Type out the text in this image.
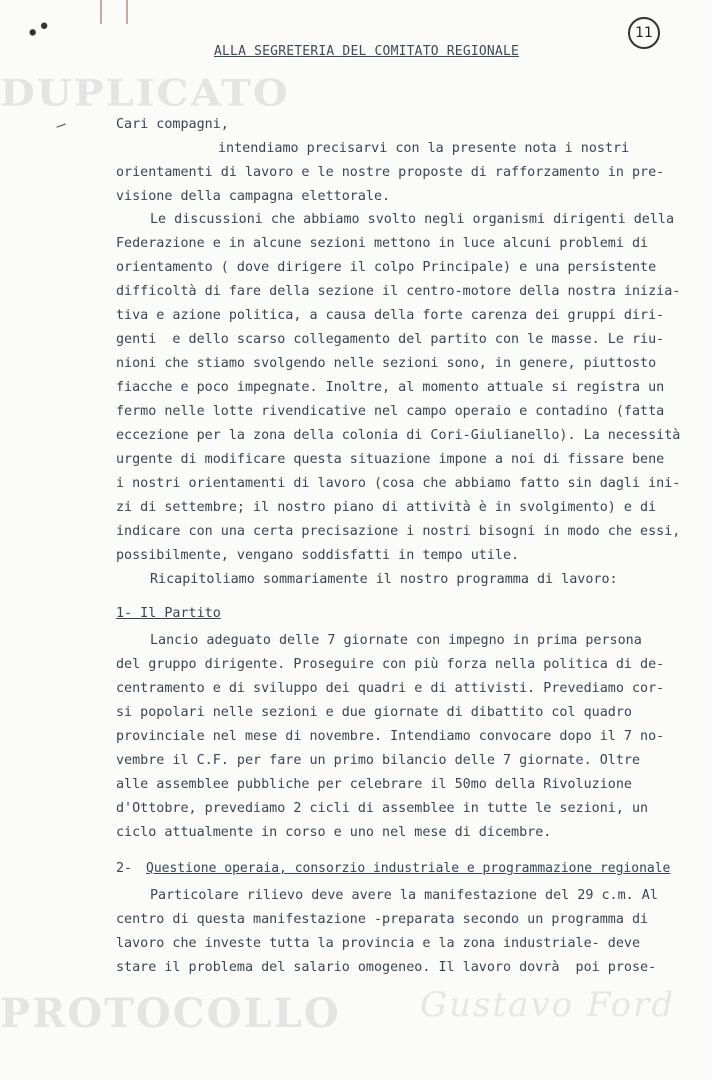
DUPLICATO
PROTOCOLLO Gustavo Ford
••
–
11
ALLA SEGRETERIA DEL COMITATO REGIONALE
Cari compagni,
intendiamo precisarvi con la presente nota i nostri
orientamenti di lavoro e le nostre proposte di rafforzamento in pre-
visione della campagna elettorale.
Le discussioni che abbiamo svolto negli organismi dirigenti della
Federazione e in alcune sezioni mettono in luce alcuni problemi di
orientamento ( dove dirigere il colpo Principale) e una persistente
difficoltà di fare della sezione il centro-motore della nostra inizia-
tiva e azione politica, a causa della forte carenza dei gruppi diri-
genti  e dello scarso collegamento del partito con le masse. Le riu-
nioni che stiamo svolgendo nelle sezioni sono, in genere, piuttosto
fiacche e poco impegnate. Inoltre, al momento attuale si registra un
fermo nelle lotte rivendicative nel campo operaio e contadino (fatta
eccezione per la zona della colonia di Cori-Giulianello). La necessità
urgente di modificare questa situazione impone a noi di fissare bene
i nostri orientamenti di lavoro (cosa che abbiamo fatto sin dagli ini-
zi di settembre; il nostro piano di attività è in svolgimento) e di
indicare con una certa precisazione i nostri bisogni in modo che essi,
possibilmente, vengano soddisfatti in tempo utile.
Ricapitoliamo sommariamente il nostro programma di lavoro:
1- Il Partito
Lancio adeguato delle 7 giornate con impegno in prima persona
del gruppo dirigente. Proseguire con più forza nella politica di de-
centramento e di sviluppo dei quadri e di attivisti. Prevediamo cor-
si popolari nelle sezioni e due giornate di dibattito col quadro
provinciale nel mese di novembre. Intendiamo convocare dopo il 7 no-
vembre il C.F. per fare un primo bilancio delle 7 giornate. Oltre
alle assemblee pubbliche per celebrare il 50mo della Rivoluzione
d'Ottobre, prevediamo 2 cicli di assemblee in tutte le sezioni, un
ciclo attualmente in corso e uno nel mese di dicembre.
2- Questione operaia, consorzio industriale e programmazione regionale
Particolare rilievo deve avere la manifestazione del 29 c.m. Al
centro di questa manifestazione -preparata secondo un programma di
lavoro che investe tutta la provincia e la zona industriale- deve
stare il problema del salario omogeneo. Il lavoro dovrà  poi prose-
